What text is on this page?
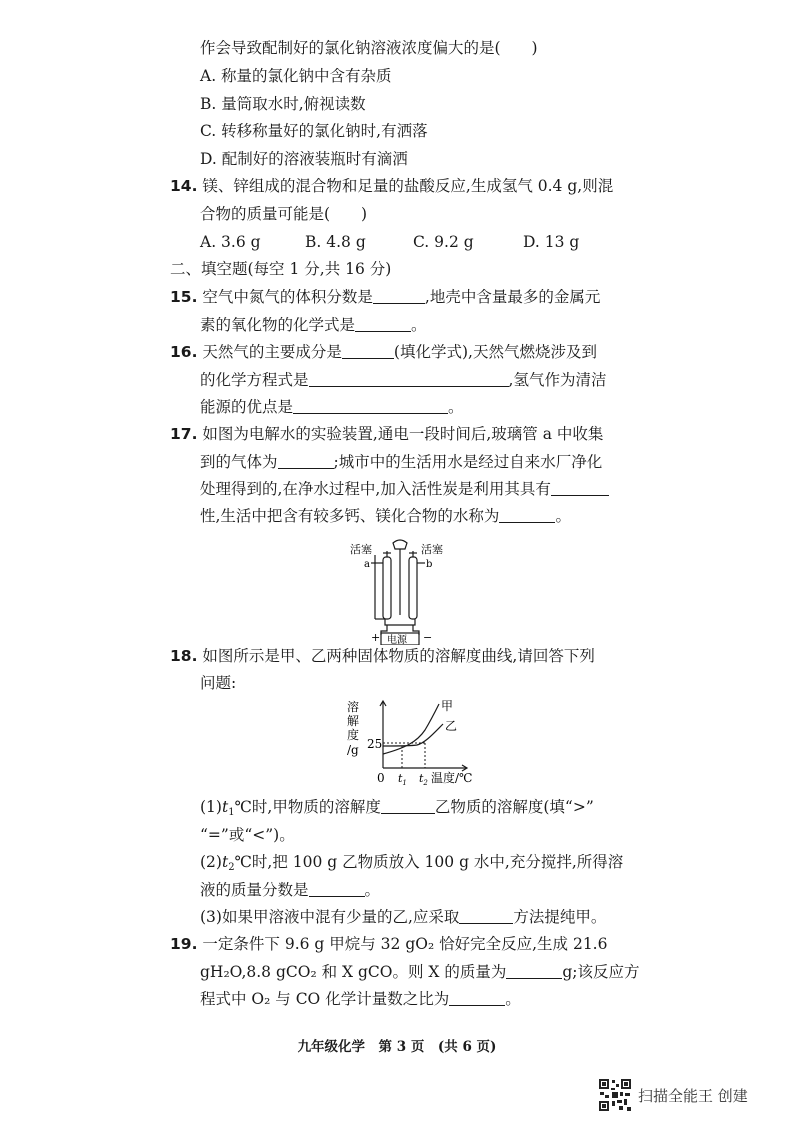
作会导致配制好的氯化钠溶液浓度偏大的是(　　)
A. 称量的氯化钠中含有杂质
B. 量筒取水时,俯视读数
C. 转移称量好的氯化钠时,有洒落
D. 配制好的溶液装瓶时有滴洒
14. 镁、锌组成的混合物和足量的盐酸反应,生成氢气 0.4 g,则混
合物的质量可能是(　　)
A. 3.6 g	B. 4.8 g	C. 9.2 g	D. 13 g
二、填空题(每空 1 分,共 16 分)
15. 空气中氮气的体积分数是	,地壳中含量最多的金属元
素的氧化物的化学式是	。
16. 天然气的主要成分是	(填化学式),天然气燃烧涉及到
的化学方程式是	,氢气作为清洁
能源的优点是	。
17. 如图为电解水的实验装置,通电一段时间后,玻璃管 a 中收集
到的气体为	;城市中的生活用水是经过自来水厂净化
处理得到的,在净水过程中,加入活性炭是利用其具有
性,生活中把含有较多钙、镁化合物的水称为	。
活塞	活塞
a	b
电源
+	−
18. 如图所示是甲、乙两种固体物质的溶解度曲线,请回答下列
问题:
溶
解
度
/g 25
0 $t_1$ $t_2$ 温度/℃
甲
乙
$(1)t_1℃$时,甲物质的溶解度	乙物质的溶解度(填“>”
“=”或“<”)。
$(2)t_2℃$时,把 100 g 乙物质放入 100 g 水中,充分搅拌,所得溶
液的质量分数是	。
(3)如果甲溶液中混有少量的乙,应采取	方法提纯甲。
19. 一定条件下 9.6 g 甲烷与 32 gO₂ 恰好完全反应,生成 21.6
gH₂O,8.8 gCO₂ 和 X gCO。则 X 的质量为	g;该反应方
程式中 O₂ 与 CO 化学计量数之比为	。
九年级化学　第 3 页　(共 6 页)
扫描全能王 创建
